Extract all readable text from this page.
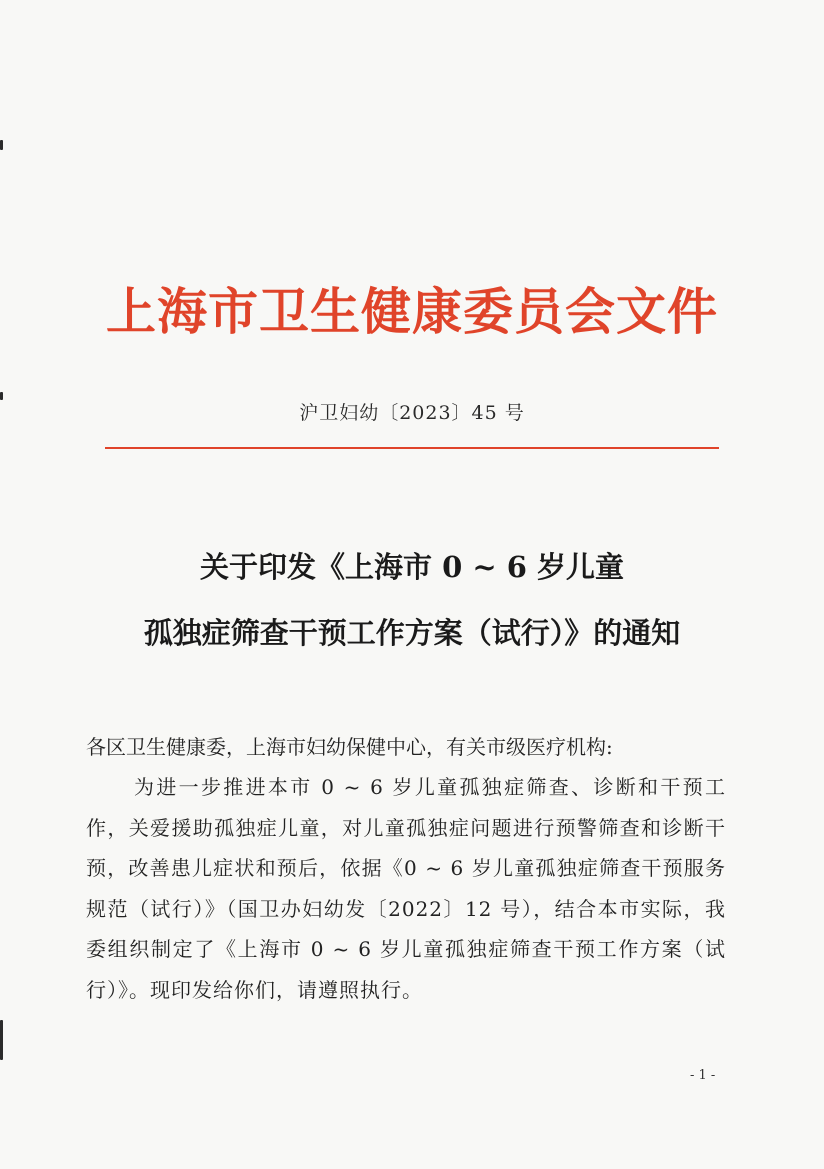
上海市卫生健康委员会文件
沪卫妇幼〔2023〕45 号
关于印发《上海市 0 ~ 6 岁儿童
孤独症筛查干预工作方案（试行）》的通知
各区卫生健康委，上海市妇幼保健中心，有关市级医疗机构:
为进一步推进本市 0 ~ 6 岁儿童孤独症筛查、诊断和干预工作，关爱援助孤独症儿童，对儿童孤独症问题进行预警筛查和诊断干预，改善患儿症状和预后，依据《0 ~ 6 岁儿童孤独症筛查干预服务规范（试行）》（国卫办妇幼发〔2022〕12 号），结合本市实际，我委组织制定了《上海市 0 ~ 6 岁儿童孤独症筛查干预工作方案（试行）》。现印发给你们，请遵照执行。
- 1 -
